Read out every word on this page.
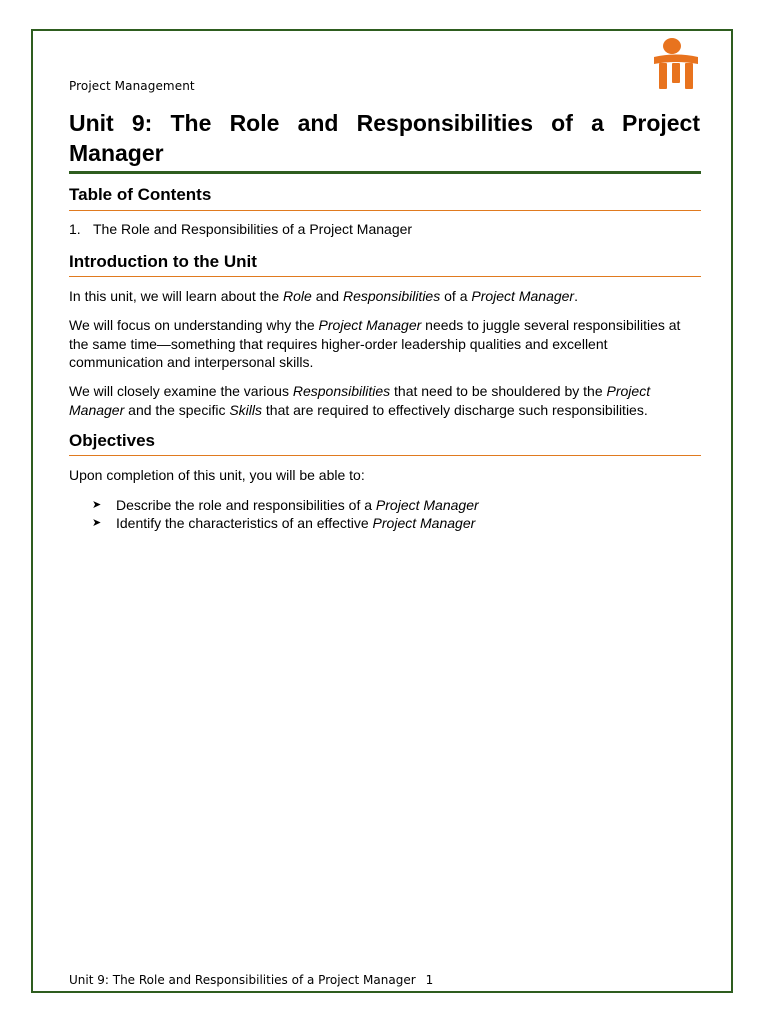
Project Management
Unit 9: The Role and Responsibilities of a Project Manager
Table of Contents
1. The Role and Responsibilities of a Project Manager
Introduction to the Unit

In this unit, we will learn about the Role and Responsibilities of a Project Manager.

We will focus on understanding why the Project Manager needs to juggle several responsibilities at the same time—something that requires higher-order leadership qualities and excellent communication and interpersonal skills.

We will closely examine the various Responsibilities that need to be shouldered by the Project Manager and the specific Skills that are required to effectively discharge such responsibilities.

Objectives

Upon completion of this unit, you will be able to:

➤ Describe the role and responsibilities of a Project Manager
➤ Identify the characteristics of an effective Project Manager
Unit 9: The Role and Responsibilities of a Project Manager 1
